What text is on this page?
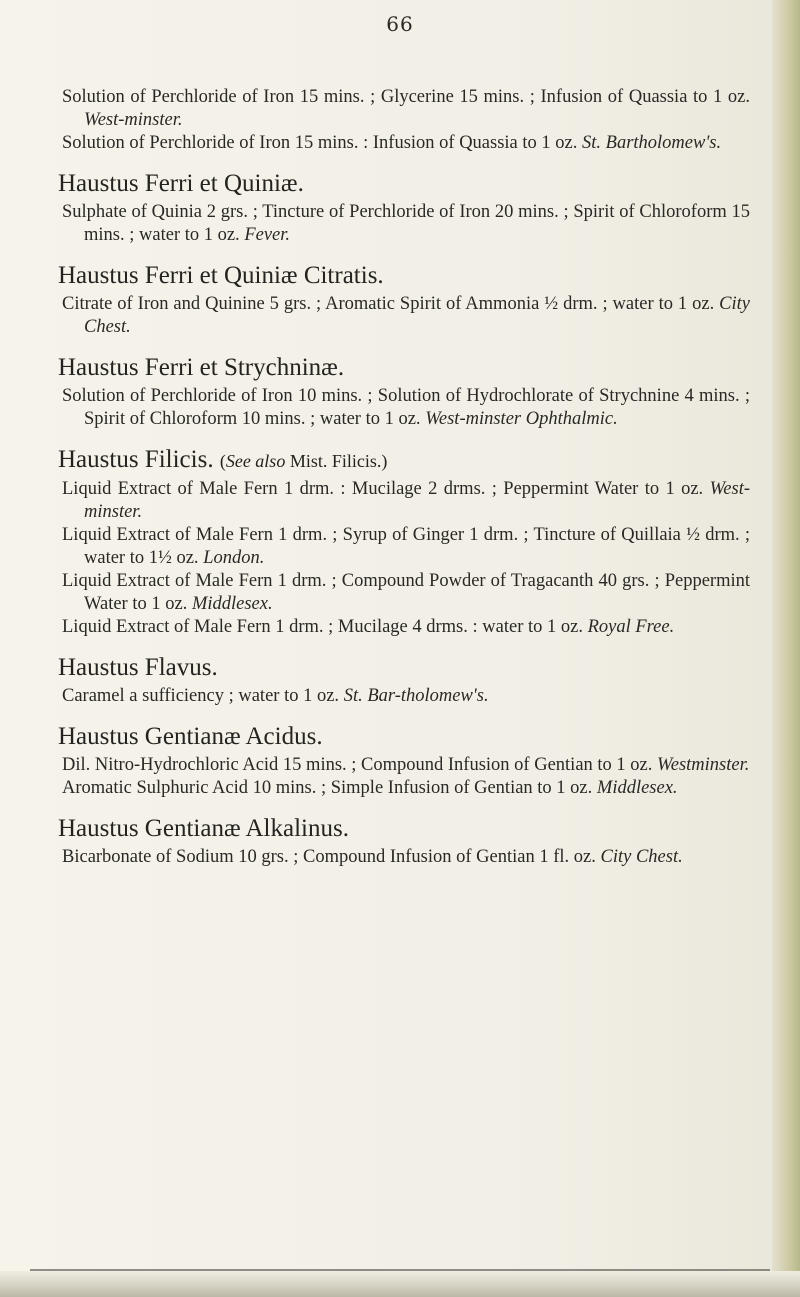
66

Solution of Perchloride of Iron 15 mins. ; Glycerine 15 mins. ; Infusion of Quassia to 1 oz. West-minster.

Solution of Perchloride of Iron 15 mins. : Infusion of Quassia to 1 oz. St. Bartholomew's.

Haustus Ferri et Quiniæ.

Sulphate of Quinia 2 grs. ; Tincture of Perchloride of Iron 20 mins. ; Spirit of Chloroform 15 mins. ; water to 1 oz. Fever.

Haustus Ferri et Quiniæ Citratis.

Citrate of Iron and Quinine 5 grs. ; Aromatic Spirit of Ammonia ½ drm. ; water to 1 oz. City Chest.

Haustus Ferri et Strychninæ.

Solution of Perchloride of Iron 10 mins. ; Solution of Hydrochlorate of Strychnine 4 mins. ; Spirit of Chloroform 10 mins. ; water to 1 oz. West-minster Ophthalmic.

Haustus Filicis. (See also Mist. Filicis.)

Liquid Extract of Male Fern 1 drm. : Mucilage 2 drms. ; Peppermint Water to 1 oz. West-minster.

Liquid Extract of Male Fern 1 drm. ; Syrup of Ginger 1 drm. ; Tincture of Quillaia ½ drm. ; water to 1½ oz. London.

Liquid Extract of Male Fern 1 drm. ; Compound Powder of Tragacanth 40 grs. ; Peppermint Water to 1 oz. Middlesex.

Liquid Extract of Male Fern 1 drm. ; Mucilage 4 drms. : water to 1 oz. Royal Free.

Haustus Flavus.

Caramel a sufficiency ; water to 1 oz. St. Bar-tholomew's.

Haustus Gentianæ Acidus.

Dil. Nitro-Hydrochloric Acid 15 mins. ; Compound Infusion of Gentian to 1 oz. Westminster.

Aromatic Sulphuric Acid 10 mins. ; Simple Infusion of Gentian to 1 oz. Middlesex.

Haustus Gentianæ Alkalinus.

Bicarbonate of Sodium 10 grs. ; Compound Infusion of Gentian 1 fl. oz. City Chest.
